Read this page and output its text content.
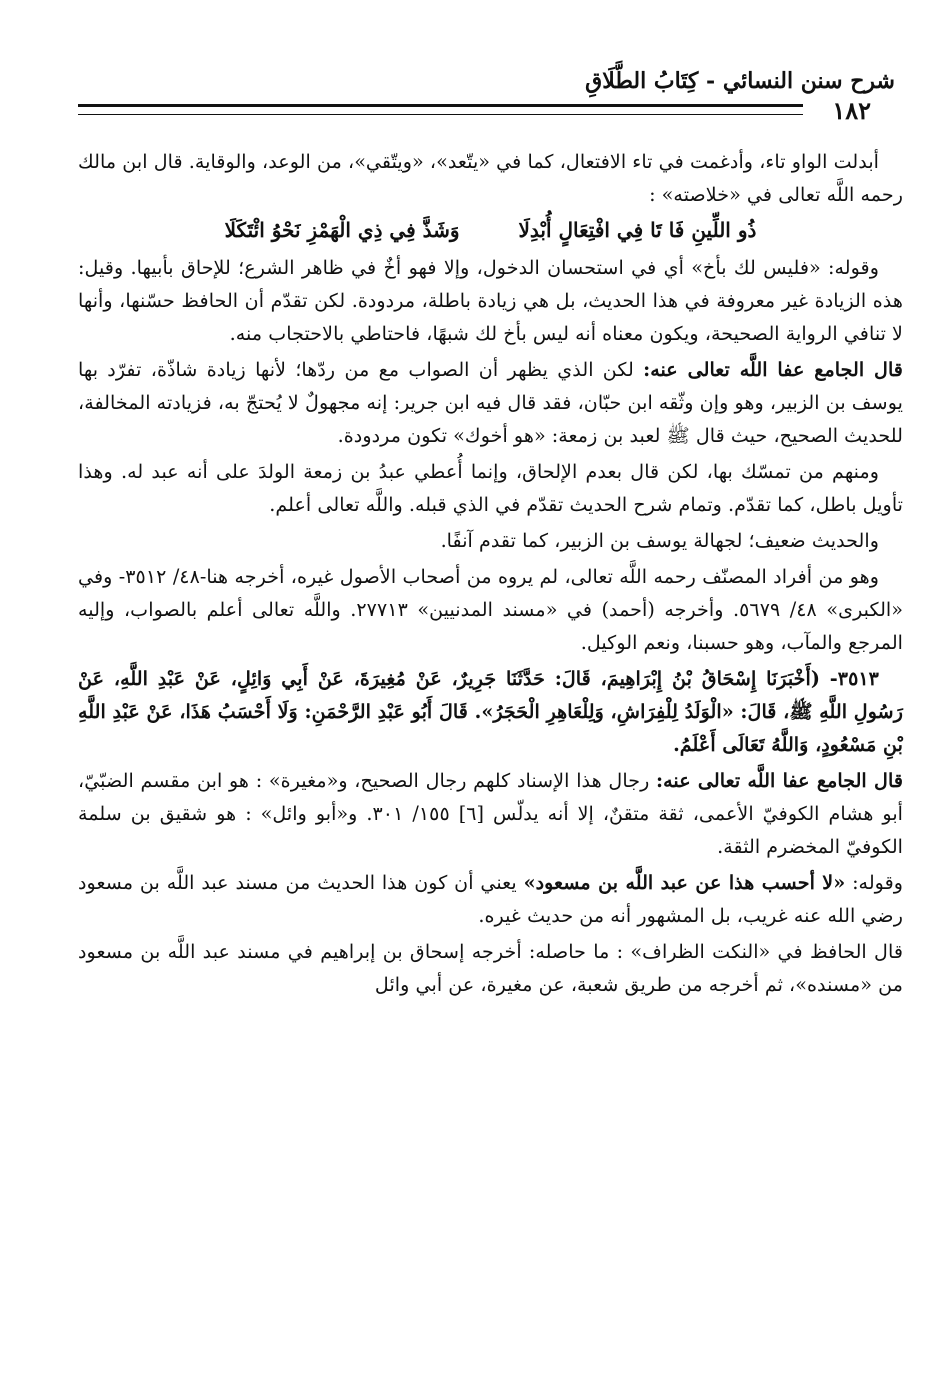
شرح سنن النسائي - كِتَابُ الطَّلَاقِ
١٨٢

أبدلت الواو تاء، وأدغمت في تاء الافتعال، كما في «يتّعد»، «ويتّقي»، من الوعد، والوقاية. قال ابن مالك رحمه اللَّه تعالى في «خلاصته» :

ذُو اللِّينِ فَا تَا فِي افْتِعَالٍ أُبْدِلَا وَشَذَّ فِي ذِي الْهَمْزِ نَحْوُ ائْتَكَلَا

وقوله: «فليس لك بأخ» أي في استحسان الدخول، وإلا فهو أخٌ في ظاهر الشرع؛ للإحاق بأبيها. وقيل: هذه الزيادة غير معروفة في هذا الحديث، بل هي زيادة باطلة، مردودة. لكن تقدّم أن الحافظ حسّنها، وأنها لا تنافي الرواية الصحيحة، ويكون معناه أنه ليس بأخ لك شبهًا، فاحتاطي بالاحتجاب منه.

قال الجامع عفا اللَّه تعالى عنه: لكن الذي يظهر أن الصواب مع من ردّها؛ لأنها زيادة شاذّة، تفرّد بها يوسف بن الزبير، وهو وإن وثّقه ابن حبّان، فقد قال فيه ابن جرير: إنه مجهولٌ لا يُحتجّ به، فزيادته المخالفة، للحديث الصحيح، حيث قال ﷺ لعبد بن زمعة: «هو أخوك» تكون مردودة.

ومنهم من تمسّك بها، لكن قال بعدم الإلحاق، وإنما أُعطي عبدُ بن زمعة الولدَ على أنه عبد له. وهذا تأويل باطل، كما تقدّم. وتمام شرح الحديث تقدّم في الذي قبله. واللَّه تعالى أعلم.

والحديث ضعيف؛ لجهالة يوسف بن الزبير، كما تقدم آنفًا.

وهو من أفراد المصنّف رحمه اللَّه تعالى، لم يروه من أصحاب الأصول غيره، أخرجه هنا-٤٨/ ٣٥١٢- وفي «الكبرى» ٤٨/ ٥٦٧٩. وأخرجه (أحمد) في «مسند المدنيين» ٢٧٧١٣. واللَّه تعالى أعلم بالصواب، وإليه المرجع والمآب، وهو حسبنا، ونعم الوكيل.

٣٥١٣- (أَخْبَرَنَا إِسْحَاقُ بْنُ إِبْرَاهِيمَ، قَالَ: حَدَّثَنَا جَرِيرٌ، عَنْ مُغِيرَةَ، عَنْ أَبِي وَائِلٍ، عَنْ عَبْدِ اللَّهِ، عَنْ رَسُولِ اللَّهِ ﷺ، قَالَ: «الْوَلَدُ لِلْفِرَاشِ، وَلِلْعَاهِرِ الْحَجَرُ». قَالَ أَبُو عَبْدِ الرَّحْمَنِ: وَلَا أَحْسَبُ هَذَا، عَنْ عَبْدِ اللَّهِ بْنِ مَسْعُودٍ، وَاللَّهُ تَعَالَى أَعْلَمُ.

قال الجامع عفا اللَّه تعالى عنه: رجال هذا الإسناد كلهم رجال الصحيح، و«مغيرة» : هو ابن مقسم الضبّيّ، أبو هشام الكوفيّ الأعمى، ثقة متقنٌ، إلا أنه يدلّس [٦] ١٥٥/ ٣٠١. و«أبو وائل» : هو شقيق بن سلمة الكوفيّ المخضرم الثقة.

وقوله: «لا أحسب هذا عن عبد اللَّه بن مسعود» يعني أن كون هذا الحديث من مسند عبد اللَّه بن مسعود رضي الله عنه غريب، بل المشهور أنه من حديث غيره.

قال الحافظ في «النكت الظراف» : ما حاصله: أخرجه إسحاق بن إبراهيم في مسند عبد اللَّه بن مسعود من «مسنده»، ثم أخرجه من طريق شعبة، عن مغيرة، عن أبي وائل
